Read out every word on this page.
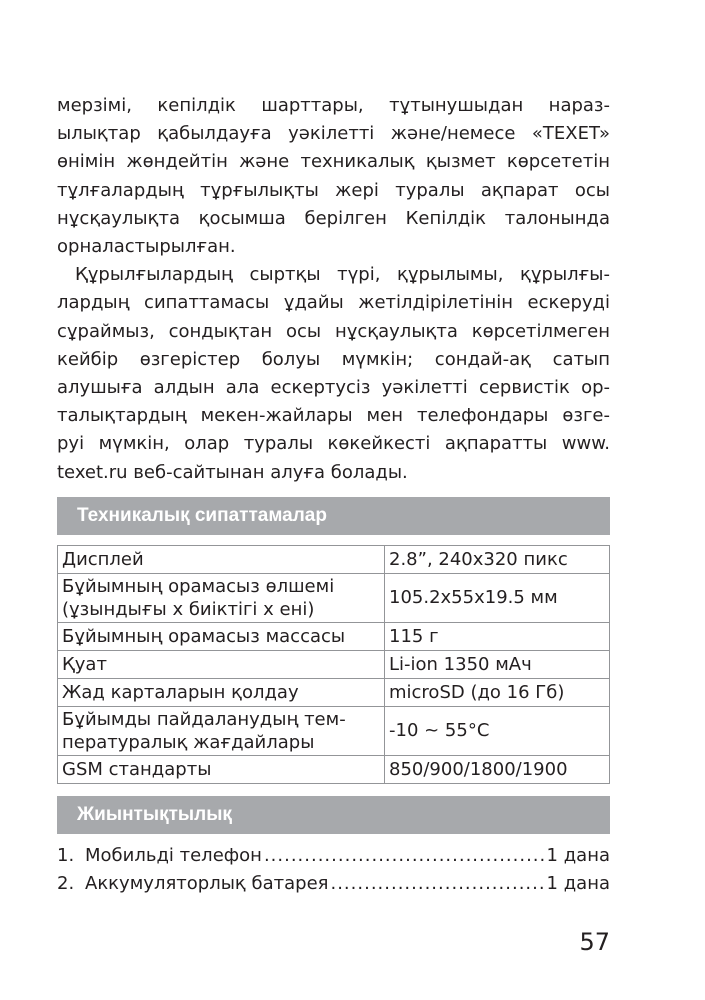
мерзімі, кепілдік шарттары, тұтынушыдан нараз-
ылықтар қабылдауға уәкілетті және/немесе «TEXET»
өнімін жөндейтін және техникалық қызмет көрсететін
тұлғалардың тұрғылықты жері туралы ақпарат осы
нұсқаулықта қосымша берілген Кепілдік талонында
орналастырылған.

Құрылғылардың сыртқы түрі, құрылымы, құрылғы-
лардың сипаттамасы ұдайы жетілдірілетінін ескеруді
сұраймыз, сондықтан осы нұсқаулықта көрсетілмеген
кейбір өзгерістер болуы мүмкін; сондай-ақ сатып
алушыға алдын ала ескертусіз уәкілетті сервистік ор-
талықтардың мекен-жайлары мен телефондары өзге-
руі мүмкін, олар туралы көкейкесті ақпаратты www.
texet.ru веб-сайтынан алуға болады.

Техникалық сипаттамалар
Дисплей	2.8”, 240x320 пикс
Бұйымның орамасыз өлшемі
(ұзындығы х биіктігі х ені)	105.2x55x19.5 мм
Бұйымның орамасыз массасы	115 г
Қуат	Li-ion 1350 мАч
Жад карталарын қолдау	microSD (до 16 Гб)
Бұйымды пайдаланудың тем-
пературалық жағдайлары	-10 ~ 55°С
GSM стандарты	850/900/1800/1900
Жиынтықтылық
1. Мобильді телефон .....	1 дана
2. Аккумуляторлық батарея .....	1 дана
57
